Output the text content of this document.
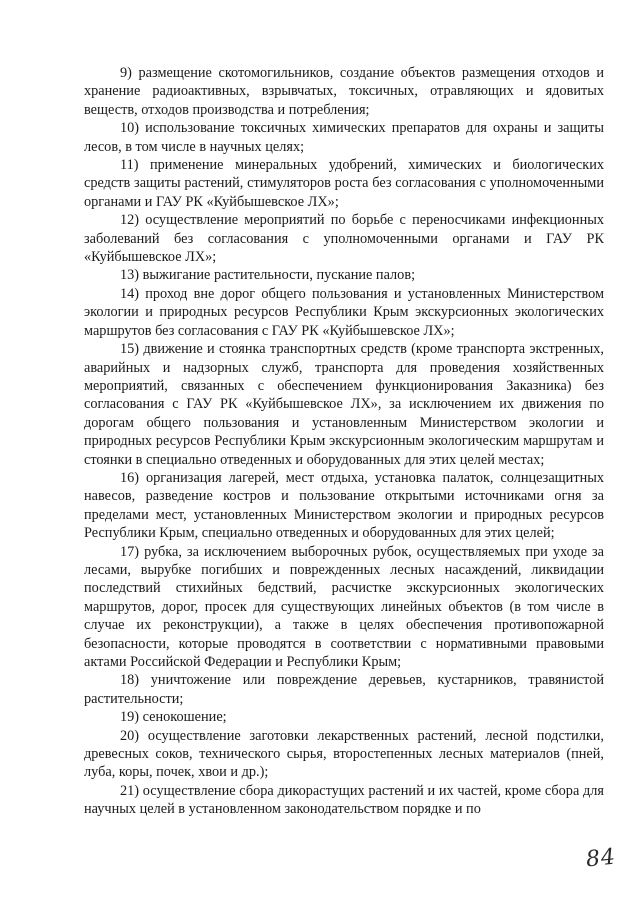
9) размещение скотомогильников, создание объектов размещения отходов и хранение радиоактивных, взрывчатых, токсичных, отравляющих и ядовитых веществ, отходов производства и потребления;

10) использование токсичных химических препаратов для охраны и защиты лесов, в том числе в научных целях;

11) применение минеральных удобрений, химических и биологических средств защиты растений, стимуляторов роста без согласования с уполномоченными органами и ГАУ РК «Куйбышевское ЛХ»;

12) осуществление мероприятий по борьбе с переносчиками инфекционных заболеваний без согласования с уполномоченными органами и ГАУ РК «Куйбышевское ЛХ»;

13) выжигание растительности, пускание палов;

14) проход вне дорог общего пользования и установленных Министерством экологии и природных ресурсов Республики Крым экскурсионных экологических маршрутов без согласования с ГАУ РК «Куйбышевское ЛХ»;

15) движение и стоянка транспортных средств (кроме транспорта экстренных, аварийных и надзорных служб, транспорта для проведения хозяйственных мероприятий, связанных с обеспечением функционирования Заказника) без согласования с ГАУ РК «Куйбышевское ЛХ», за исключением их движения по дорогам общего пользования и установленным Министерством экологии и природных ресурсов Республики Крым экскурсионным экологическим маршрутам и стоянки в специально отведенных и оборудованных для этих целей местах;

16) организация лагерей, мест отдыха, установка палаток, солнцезащитных навесов, разведение костров и пользование открытыми источниками огня за пределами мест, установленных Министерством экологии и природных ресурсов Республики Крым, специально отведенных и оборудованных для этих целей;

17) рубка, за исключением выборочных рубок, осуществляемых при уходе за лесами, вырубке погибших и поврежденных лесных насаждений, ликвидации последствий стихийных бедствий, расчистке экскурсионных экологических маршрутов, дорог, просек для существующих линейных объектов (в том числе в случае их реконструкции), а также в целях обеспечения противопожарной безопасности, которые проводятся в соответствии с нормативными правовыми актами Российской Федерации и Республики Крым;

18) уничтожение или повреждение деревьев, кустарников, травянистой растительности;

19) сенокошение;

20) осуществление заготовки лекарственных растений, лесной подстилки, древесных соков, технического сырья, второстепенных лесных материалов (пней, луба, коры, почек, хвои и др.);

21) осуществление сбора дикорастущих растений и их частей, кроме сбора для научных целей в установленном законодательством порядке и по

84
